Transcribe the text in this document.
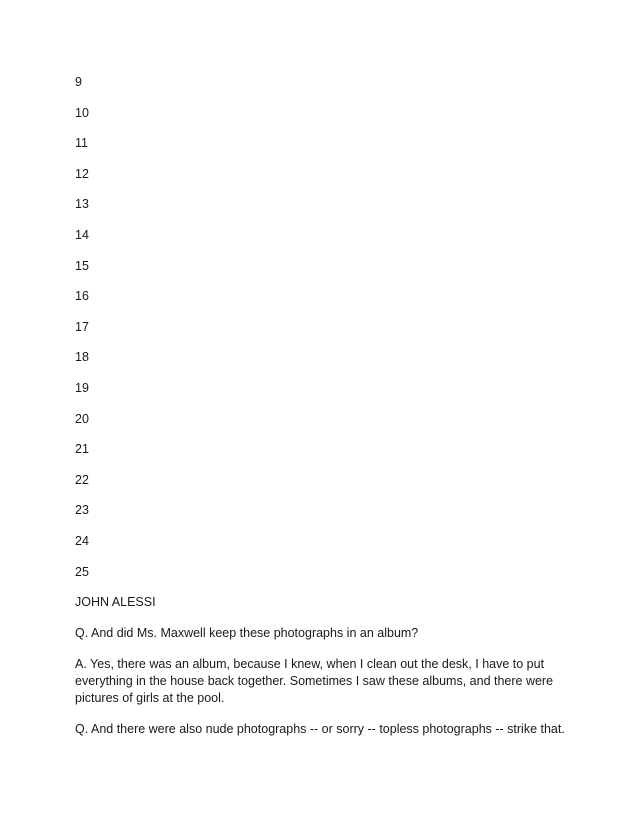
9
10
11
12
13
14
15
16
17
18
19
20
21
22
23
24
25

JOHN ALESSI

Q. And did Ms. Maxwell keep these photographs in an album?

A. Yes, there was an album, because I knew, when I clean out the desk, I have to put everything in the house back together. Sometimes I saw these albums, and there were pictures of girls at the pool.

Q. And there were also nude photographs -- or sorry -- topless photographs -- strike that.
